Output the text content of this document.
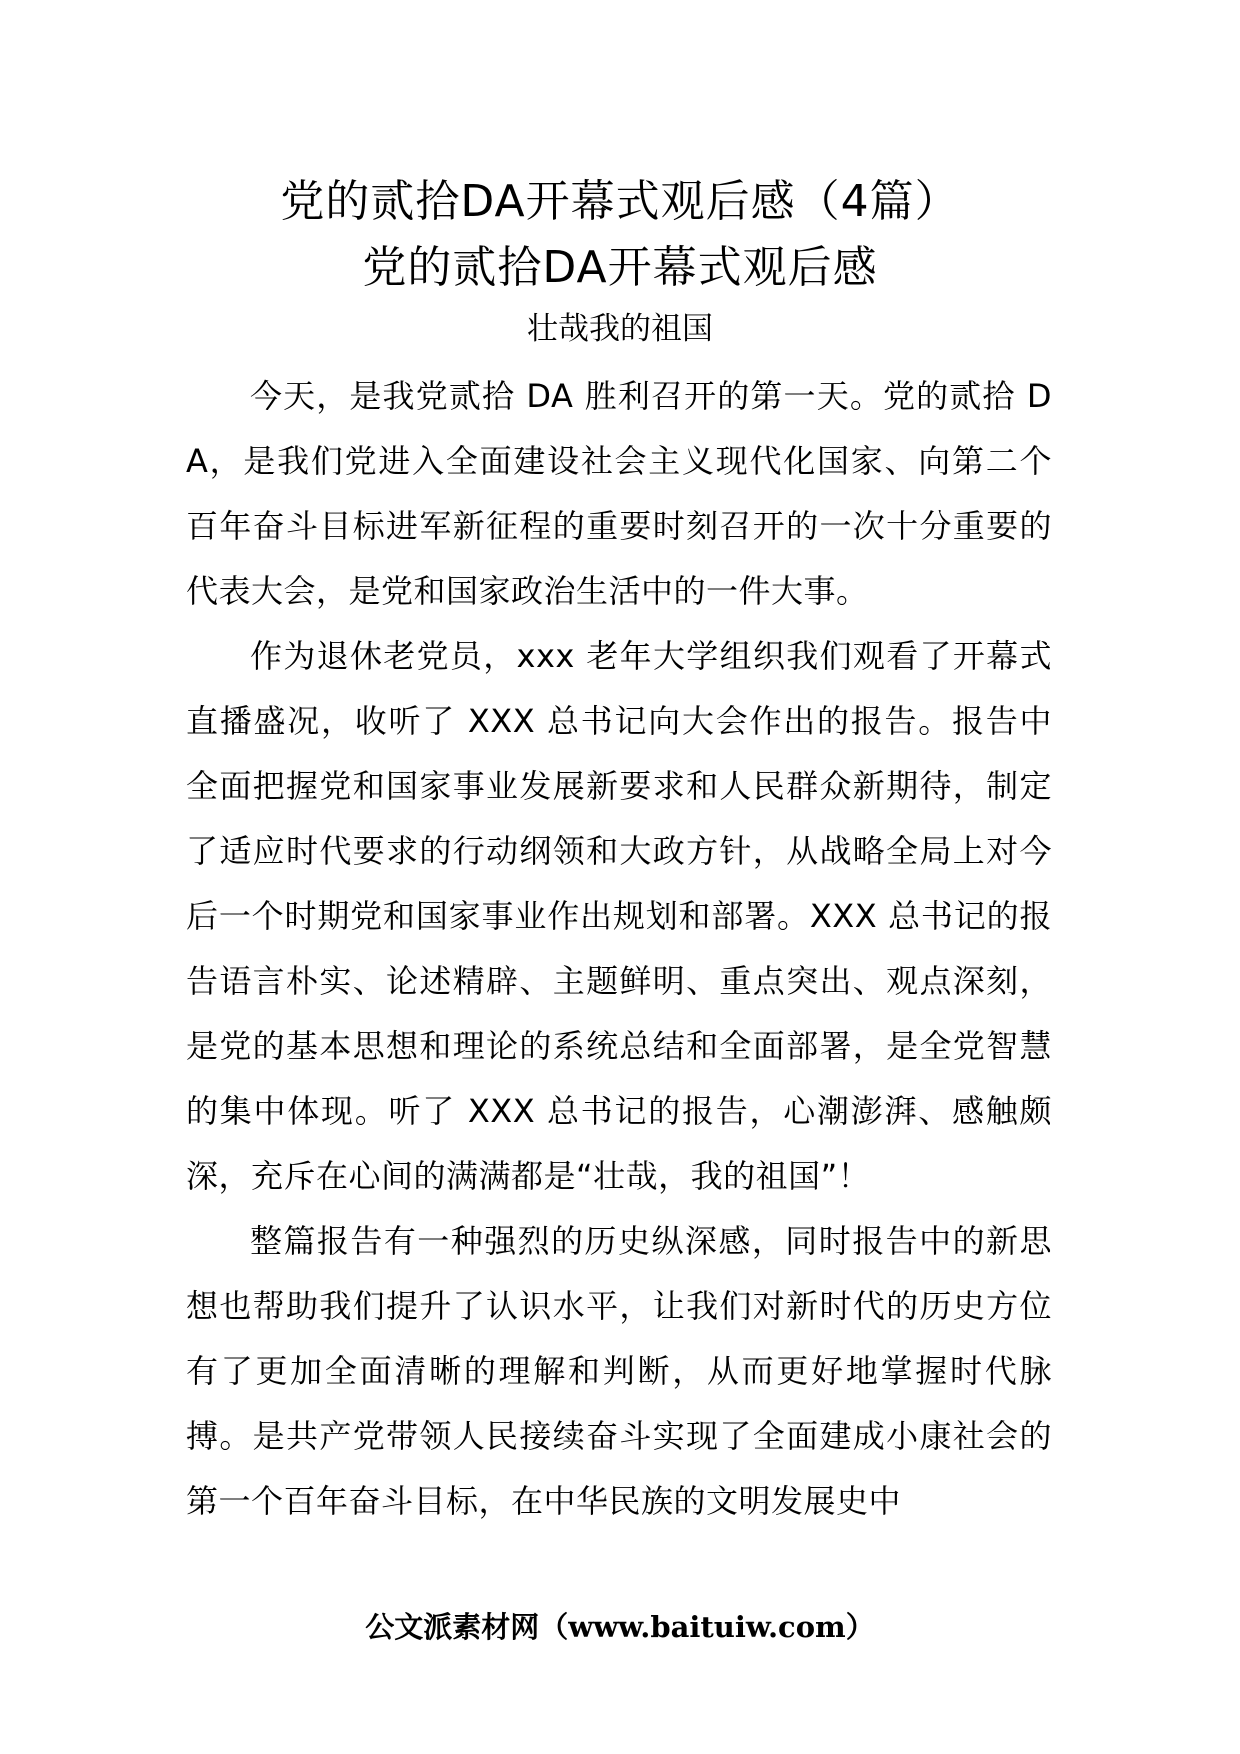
党的贰拾DA开幕式观后感（4篇）
党的贰拾DA开幕式观后感
壮哉我的祖国

今天，是我党贰拾 DA 胜利召开的第一天。党的贰拾 DA，是我们党进入全面建设社会主义现代化国家、向第二个百年奋斗目标进军新征程的重要时刻召开的一次十分重要的代表大会，是党和国家政治生活中的一件大事。

作为退休老党员，xxx 老年大学组织我们观看了开幕式直播盛况，收听了 XXX 总书记向大会作出的报告。报告中全面把握党和国家事业发展新要求和人民群众新期待，制定了适应时代要求的行动纲领和大政方针，从战略全局上对今后一个时期党和国家事业作出规划和部署。XXX 总书记的报告语言朴实、论述精辟、主题鲜明、重点突出、观点深刻，是党的基本思想和理论的系统总结和全面部署，是全党智慧的集中体现。听了 XXX 总书记的报告，心潮澎湃、感触颇深，充斥在心间的满满都是“壮哉，我的祖国”！

整篇报告有一种强烈的历史纵深感，同时报告中的新思想也帮助我们提升了认识水平，让我们对新时代的历史方位有了更加全面清晰的理解和判断，从而更好地掌握时代脉搏。是共产党带领人民接续奋斗实现了全面建成小康社会的第一个百年奋斗目标，在中华民族的文明发展史中

公文派素材网（www.baituiw.com）
